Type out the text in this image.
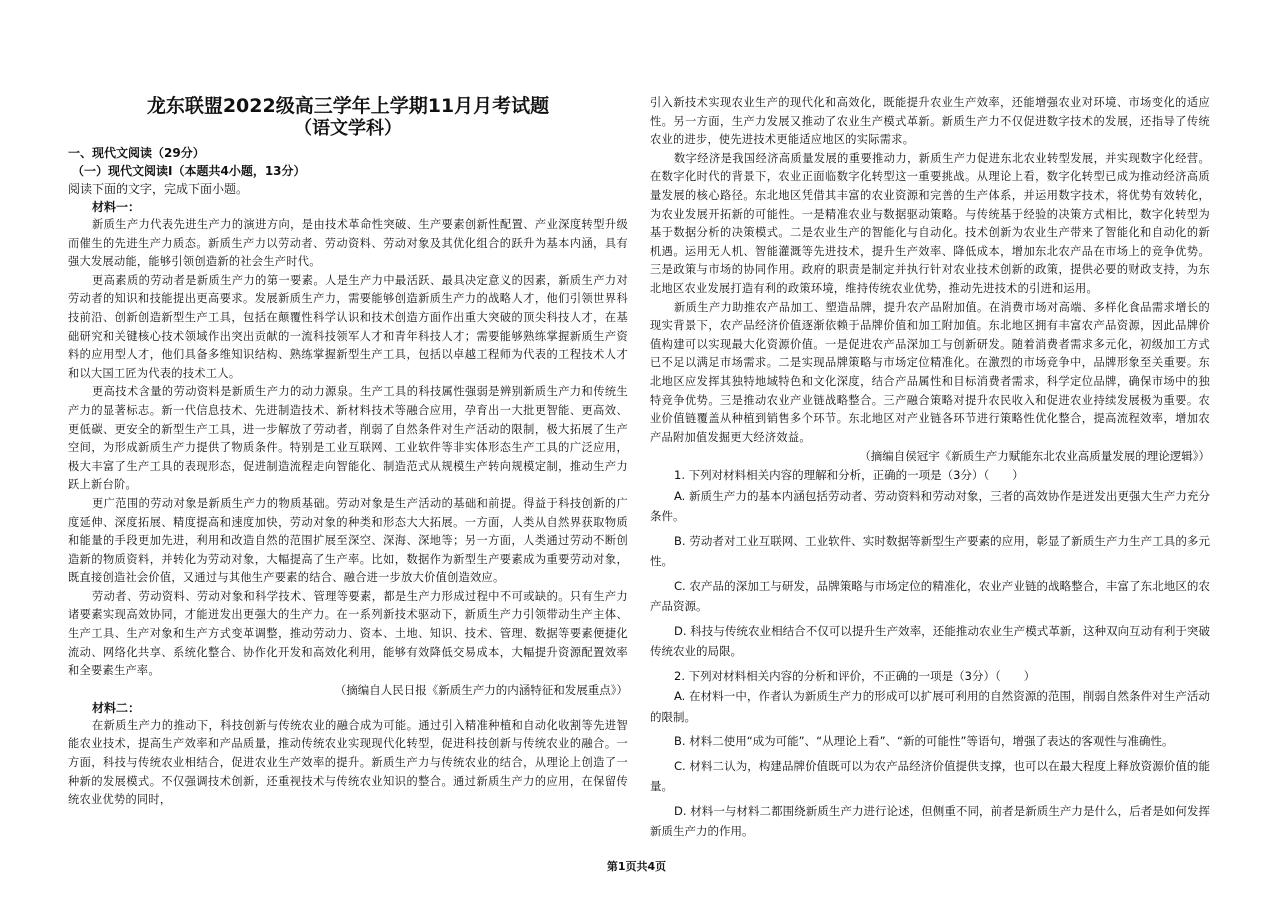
龙东联盟2022级高三学年上学期11月月考试题
（语文学科）

一、现代文阅读（29分）

（一）现代文阅读Ⅰ（本题共4小题，13分）

阅读下面的文字，完成下面小题。

材料一：

新质生产力代表先进生产力的演进方向，是由技术革命性突破、生产要素创新性配置、产业深度转型升级而催生的先进生产力质态。新质生产力以劳动者、劳动资料、劳动对象及其优化组合的跃升为基本内涵，具有强大发展动能，能够引领创造新的社会生产时代。

更高素质的劳动者是新质生产力的第一要素。人是生产力中最活跃、最具决定意义的因素，新质生产力对劳动者的知识和技能提出更高要求。发展新质生产力，需要能够创造新质生产力的战略人才，他们引领世界科技前沿、创新创造新型生产工具，包括在颠覆性科学认识和技术创造方面作出重大突破的顶尖科技人才，在基础研究和关键核心技术领域作出突出贡献的一流科技领军人才和青年科技人才；需要能够熟练掌握新质生产资料的应用型人才，他们具备多维知识结构、熟练掌握新型生产工具，包括以卓越工程师为代表的工程技术人才和以大国工匠为代表的技术工人。

更高技术含量的劳动资料是新质生产力的动力源泉。生产工具的科技属性强弱是辨别新质生产力和传统生产力的显著标志。新一代信息技术、先进制造技术、新材料技术等融合应用，孕育出一大批更智能、更高效、更低碳、更安全的新型生产工具，进一步解放了劳动者，削弱了自然条件对生产活动的限制，极大拓展了生产空间，为形成新质生产力提供了物质条件。特别是工业互联网、工业软件等非实体形态生产工具的广泛应用，极大丰富了生产工具的表现形态，促进制造流程走向智能化、制造范式从规模生产转向规模定制，推动生产力跃上新台阶。

更广范围的劳动对象是新质生产力的物质基础。劳动对象是生产活动的基础和前提。得益于科技创新的广度延伸、深度拓展、精度提高和速度加快，劳动对象的种类和形态大大拓展。一方面，人类从自然界获取物质和能量的手段更加先进，利用和改造自然的范围扩展至深空、深海、深地等；另一方面，人类通过劳动不断创造新的物质资料，并转化为劳动对象，大幅提高了生产率。比如，数据作为新型生产要素成为重要劳动对象，既直接创造社会价值，又通过与其他生产要素的结合、融合进一步放大价值创造效应。

劳动者、劳动资料、劳动对象和科学技术、管理等要素，都是生产力形成过程中不可或缺的。只有生产力诸要素实现高效协同，才能迸发出更强大的生产力。在一系列新技术驱动下，新质生产力引领带动生产主体、生产工具、生产对象和生产方式变革调整，推动劳动力、资本、土地、知识、技术、管理、数据等要素便捷化流动、网络化共享、系统化整合、协作化开发和高效化利用，能够有效降低交易成本，大幅提升资源配置效率和全要素生产率。

（摘编自人民日报《新质生产力的内涵特征和发展重点》）

材料二：

在新质生产力的推动下，科技创新与传统农业的融合成为可能。通过引入精准种植和自动化收割等先进智能农业技术，提高生产效率和产品质量，推动传统农业实现现代化转型，促进科技创新与传统农业的融合。一方面，科技与传统农业相结合，促进农业生产效率的提升。新质生产力与传统农业的结合，从理论上创造了一种新的发展模式。不仅强调技术创新，还重视技术与传统农业知识的整合。通过新质生产力的应用，在保留传统农业优势的同时，

引入新技术实现农业生产的现代化和高效化，既能提升农业生产效率，还能增强农业对环境、市场变化的适应性。另一方面，生产力发展又推动了农业生产模式革新。新质生产力不仅促进数字技术的发展，还指导了传统农业的进步，使先进技术更能适应地区的实际需求。

数字经济是我国经济高质量发展的重要推动力，新质生产力促进东北农业转型发展，并实现数字化经营。在数字化时代的背景下，农业正面临数字化转型这一重要挑战。从理论上看，数字化转型已成为推动经济高质量发展的核心路径。东北地区凭借其丰富的农业资源和完善的生产体系，并运用数字技术，将优势有效转化，为农业发展开拓新的可能性。一是精准农业与数据驱动策略。与传统基于经验的决策方式相比，数字化转型为基于数据分析的决策模式。二是农业生产的智能化与自动化。技术创新为农业生产带来了智能化和自动化的新机遇。运用无人机、智能灌溉等先进技术，提升生产效率、降低成本，增加东北农产品在市场上的竞争优势。三是政策与市场的协同作用。政府的职责是制定并执行针对农业技术创新的政策，提供必要的财政支持，为东北地区农业发展打造有利的政策环境，维持传统农业优势，推动先进技术的引进和运用。

新质生产力助推农产品加工、塑造品牌，提升农产品附加值。在消费市场对高端、多样化食品需求增长的现实背景下，农产品经济价值逐渐依赖于品牌价值和加工附加值。东北地区拥有丰富农产品资源，因此品牌价值构建可以实现最大化资源价值。一是促进农产品深加工与创新研发。随着消费者需求多元化，初级加工方式已不足以满足市场需求。二是实现品牌策略与市场定位精准化。在激烈的市场竞争中，品牌形象至关重要。东北地区应发挥其独特地域特色和文化深度，结合产品属性和目标消费者需求，科学定位品牌，确保市场中的独特竞争优势。三是推动农业产业链战略整合。三产融合策略对提升农民收入和促进农业持续发展极为重要。农业价值链覆盖从种植到销售多个环节。东北地区对产业链各环节进行策略性优化整合，提高流程效率，增加农产品附加值发掘更大经济效益。

（摘编自侯冠宇《新质生产力赋能东北农业高质量发展的理论逻辑》）

1. 下列对材料相关内容的理解和分析，正确的一项是（3分）（　　）

A. 新质生产力的基本内涵包括劳动者、劳动资料和劳动对象，三者的高效协作是迸发出更强大生产力充分条件。

B. 劳动者对工业互联网、工业软件、实时数据等新型生产要素的应用，彰显了新质生产力生产工具的多元性。

C. 农产品的深加工与研发，品牌策略与市场定位的精准化，农业产业链的战略整合，丰富了东北地区的农产品资源。

D. 科技与传统农业相结合不仅可以提升生产效率，还能推动农业生产模式革新，这种双向互动有利于突破传统农业的局限。

2. 下列对材料相关内容的分析和评价，不正确的一项是（3分）（　　）

A. 在材料一中，作者认为新质生产力的形成可以扩展可利用的自然资源的范围，削弱自然条件对生产活动的限制。

B. 材料二使用“成为可能”、“从理论上看”、“新的可能性”等语句，增强了表达的客观性与准确性。

C. 材料二认为，构建品牌价值既可以为农产品经济价值提供支撑，也可以在最大程度上释放资源价值的能量。

D. 材料一与材料二都围绕新质生产力进行论述，但侧重不同，前者是新质生产力是什么，后者是如何发挥新质生产力的作用。

第1页共4页
